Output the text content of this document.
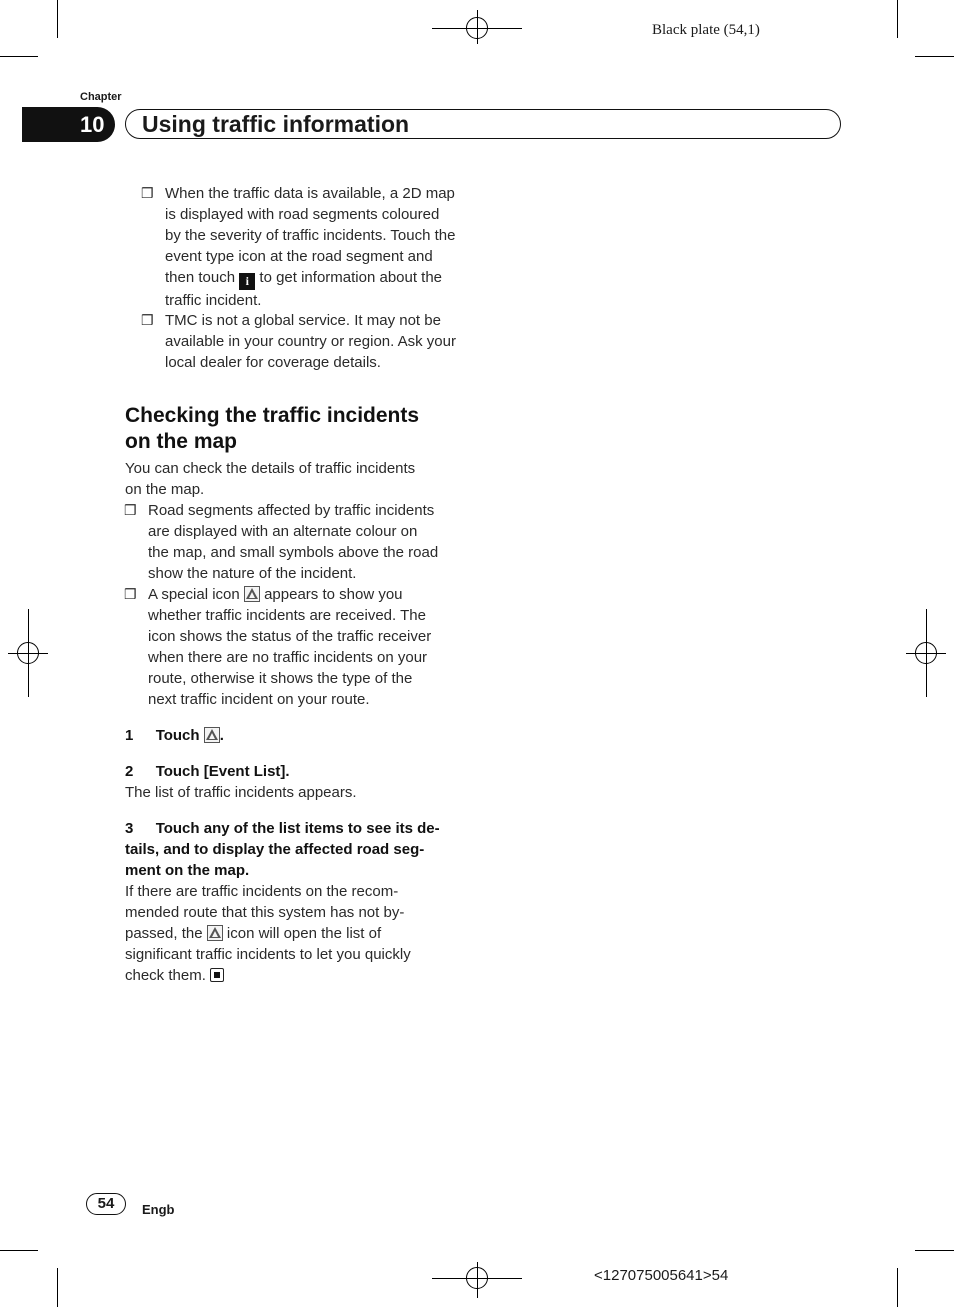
Black plate (54,1)
Chapter
10	Using traffic information
❒ When the traffic data is available, a 2D map
is displayed with road segments coloured
by the severity of traffic incidents. Touch the
event type icon at the road segment and
then touch i to get information about the
traffic incident.
❒ TMC is not a global service. It may not be
available in your country or region. Ask your
local dealer for coverage details.
Checking the traffic incidents
on the map
You can check the details of traffic incidents
on the map.
❒ Road segments affected by traffic incidents
are displayed with an alternate colour on
the map, and small symbols above the road
show the nature of the incident.
❒ A special icon appears to show you
whether traffic incidents are received. The
icon shows the status of the traffic receiver
when there are no traffic incidents on your
route, otherwise it shows the type of the
next traffic incident on your route.
1 Touch .
2 Touch [Event List].
The list of traffic incidents appears.
3 Touch any of the list items to see its de-
tails, and to display the affected road seg-
ment on the map.
If there are traffic incidents on the recom-
mended route that this system has not by-
passed, the icon will open the list of
significant traffic incidents to let you quickly
check them.
54	Engb
<127075005641>54
